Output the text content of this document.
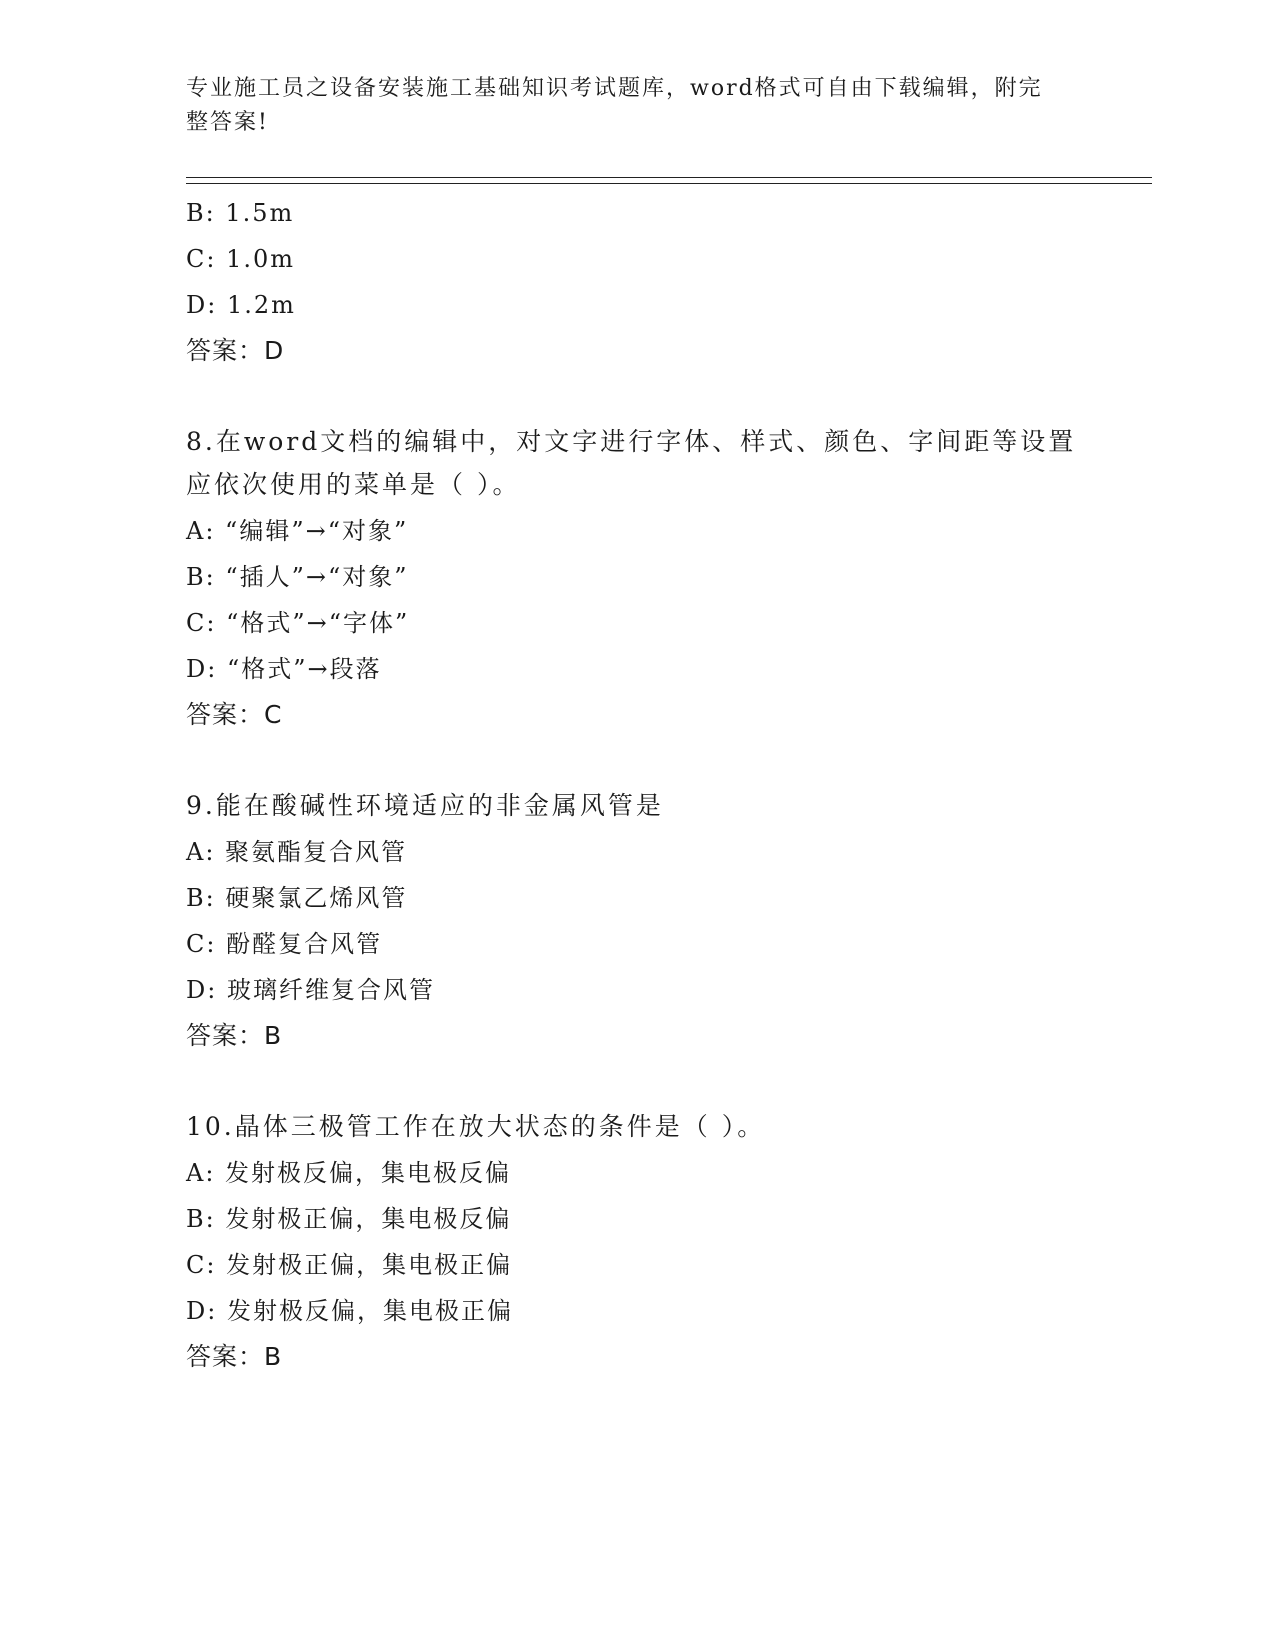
专业施工员之设备安装施工基础知识考试题库，word格式可自由下载编辑，附完整答案!
B: 1.5m
C: 1.0m
D: 1.2m
答案：D
8.在word文档的编辑中，对文字进行字体、样式、颜色、字间距等设置应依次使用的菜单是（ ）。
A: “编辑”→“对象”
B: “插人”→“对象”
C: “格式”→“字体”
D: “格式”→段落
答案：C
9.能在酸碱性环境适应的非金属风管是
A: 聚氨酯复合风管
B: 硬聚氯乙烯风管
C: 酚醛复合风管
D: 玻璃纤维复合风管
答案：B
10.晶体三极管工作在放大状态的条件是（ ）。
A: 发射极反偏，集电极反偏
B: 发射极正偏，集电极反偏
C: 发射极正偏，集电极正偏
D: 发射极反偏，集电极正偏
答案：B
